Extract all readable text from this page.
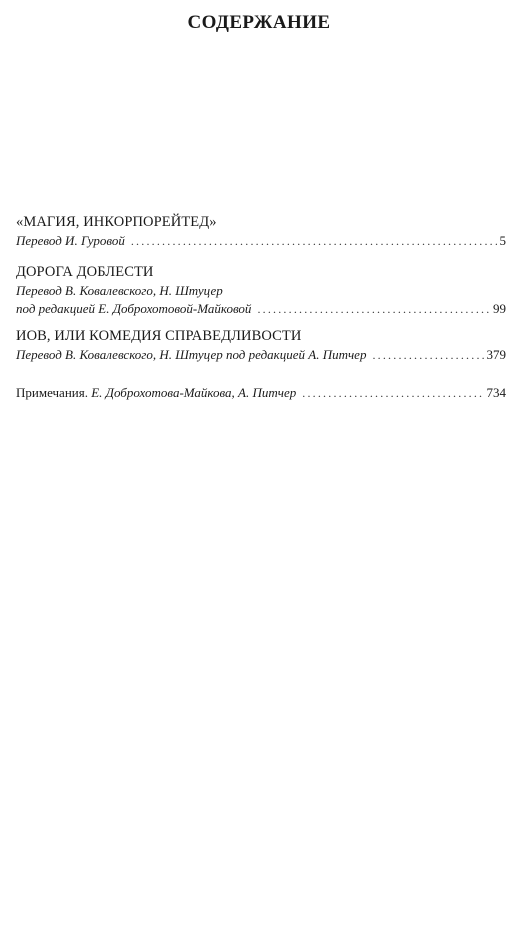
СОДЕРЖАНИЕ
«МАГИЯ, ИНКОРПОРЕЙТЕД»
Перевод И. Гуровой .....	5
ДОРОГА ДОБЛЕСТИ
Перевод В. Ковалевского, Н. Штуцер
под редакцией Е. Доброхотовой-Майковой .....	99
ИОВ, ИЛИ КОМЕДИЯ СПРАВЕДЛИВОСТИ
Перевод В. Ковалевского, Н. Штуцер под редакцией А. Питчер .....	379
Примечания. Е. Доброхотова-Майкова, А. Питчер .....	734
